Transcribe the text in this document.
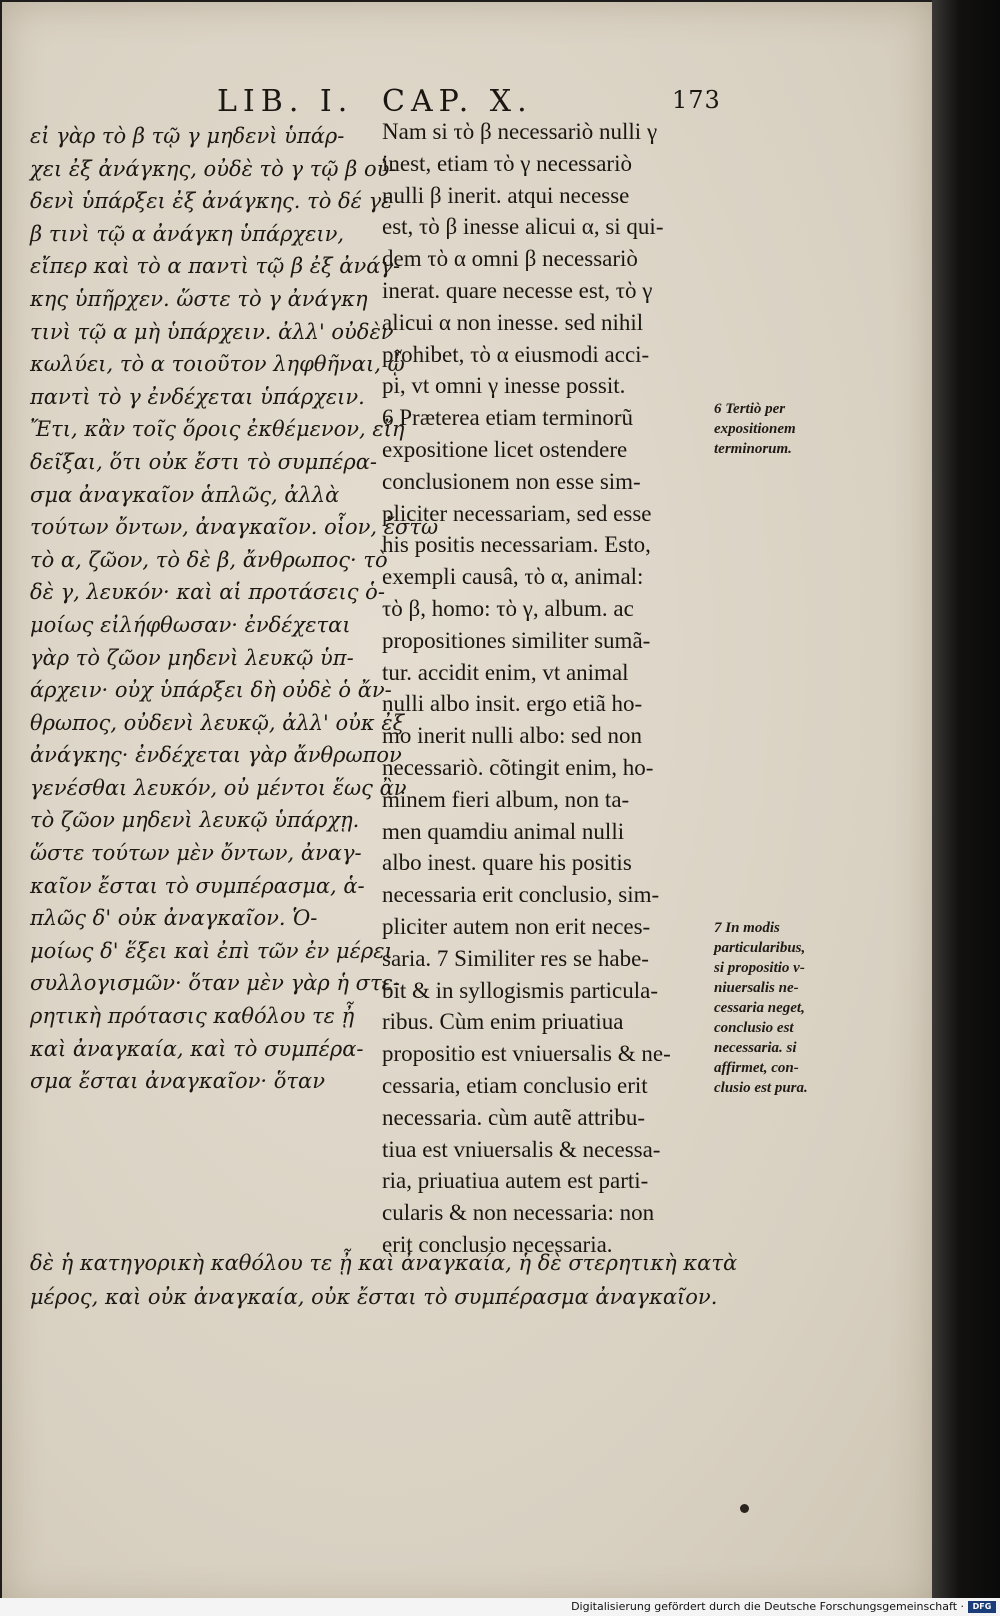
LIB. I. CAP. X.	173
εἰ γὰρ τὸ β τῷ γ μηδενὶ ὑπάρ-
χει ἐξ ἀνάγκης, οὐδὲ τὸ γ τῷ β οὐ-
δενὶ ὑπάρξει ἐξ ἀνάγκης. τὸ δέ γε
β τινὶ τῷ α ἀνάγκη ὑπάρχειν,
εἴπερ καὶ τὸ α παντὶ τῷ β ἐξ ἀνάγ-
κης ὑπῆρχεν. ὥστε τὸ γ ἀνάγκη
τινὶ τῷ α μὴ ὑπάρχειν. ἀλλ' οὐδὲν
κωλύει, τὸ α τοιοῦτον ληφθῆναι, ᾧ
παντὶ τὸ γ ἐνδέχεται ὑπάρχειν.
Ἔτι, κἂν τοῖς ὅροις ἐκθέμενον, εἴη
δεῖξαι, ὅτι οὐκ ἔστι τὸ συμπέρα-
σμα ἀναγκαῖον ἁπλῶς, ἀλλὰ
τούτων ὄντων, ἀναγκαῖον. οἷον, ἔστω
τὸ α, ζῶον, τὸ δὲ β, ἄνθρωπος· τὸ
δὲ γ, λευκόν· καὶ αἱ προτάσεις ὁ-
μοίως εἰλήφθωσαν· ἐνδέχεται
γὰρ τὸ ζῶον μηδενὶ λευκῷ ὑπ-
άρχειν· οὐχ ὑπάρξει δὴ οὐδὲ ὁ ἄν-
θρωπος, οὐδενὶ λευκῷ, ἀλλ' οὐκ ἐξ
ἀνάγκης· ἐνδέχεται γὰρ ἄνθρωπον
γενέσθαι λευκόν, οὐ μέντοι ἕως ἂν
τὸ ζῶον μηδενὶ λευκῷ ὑπάρχῃ.
ὥστε τούτων μὲν ὄντων, ἀναγ-
καῖον ἔσται τὸ συμπέρασμα, ἁ-
πλῶς δ' οὐκ ἀναγκαῖον. Ὁ-
μοίως δ' ἕξει καὶ ἐπὶ τῶν ἐν μέρει
συλλογισμῶν· ὅταν μὲν γὰρ ἡ στε-
ρητικὴ πρότασις καθόλου τε ᾖ
καὶ ἀναγκαία, καὶ τὸ συμπέρα-
σμα ἔσται ἀναγκαῖον· ὅταν
Nam si τὸ β necessariò nulli γ
inest, etiam τὸ γ necessariò
nulli β inerit. atqui necesse
est, τὸ β inesse alicui α, si qui-
dem τὸ α omni β necessariò
inerat. quare necesse est, τὸ γ
alicui α non inesse. sed nihil
prohibet, τὸ α eiusmodi acci-
pi, vt omni γ inesse possit.
6 Præterea etiam terminorũ
expositione licet ostendere
conclusionem non esse sim-
pliciter necessariam, sed esse
his positis necessariam. Esto,
exempli causâ, τὸ α, animal:
τὸ β, homo: τὸ γ, album. ac
propositiones similiter sumã-
tur. accidit enim, vt animal
nulli albo insit. ergo etiã ho-
mo inerit nulli albo: sed non
necessariò. cõtingit enim, ho-
minem fieri album, non ta-
men quamdiu animal nulli
albo inest. quare his positis
necessaria erit conclusio, sim-
pliciter autem non erit neces-
saria. 7 Similiter res se habe-
bit & in syllogismis particula-
ribus. Cùm enim priuatiua
propositio est vniuersalis & ne-
cessaria, etiam conclusio erit
necessaria. cùm autẽ attribu-
tiua est vniuersalis & necessa-
ria, priuatiua autem est parti-
cularis & non necessaria: non
erit conclusio necessaria.
6 Tertiò per
expositionem
terminorum.
7 In modis
particularibus,
si propositio v-
niuersalis ne-
cessaria neget,
conclusio est
necessaria. si
affirmet, con-
clusio est pura.
δὲ ἡ κατηγορικὴ καθόλου τε ᾖ καὶ ἀναγκαία, ἡ δὲ στερητικὴ κατὰ
μέρος, καὶ οὐκ ἀναγκαία, οὐκ ἔσται τὸ συμπέρασμα ἀναγκαῖον.
Digitalisierung gefördert durch die Deutsche Forschungsgemeinschaft ·	DFG
